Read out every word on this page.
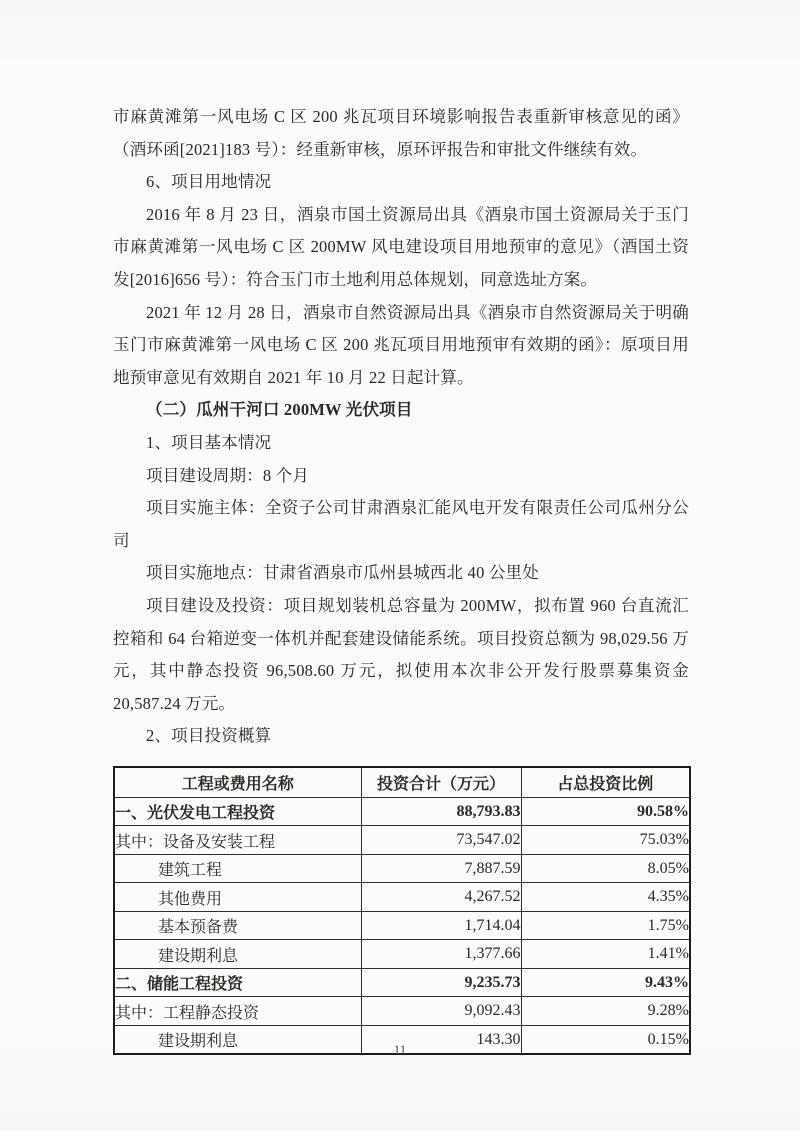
市麻黄滩第一风电场 C 区 200 兆瓦项目环境影响报告表重新审核意见的函》（酒环函[2021]183 号）：经重新审核，原环评报告和审批文件继续有效。

6、项目用地情况

2016 年 8 月 23 日，酒泉市国土资源局出具《酒泉市国土资源局关于玉门市麻黄滩第一风电场 C 区 200MW 风电建设项目用地预审的意见》（酒国土资发[2016]656 号）：符合玉门市土地利用总体规划，同意选址方案。

2021 年 12 月 28 日，酒泉市自然资源局出具《酒泉市自然资源局关于明确玉门市麻黄滩第一风电场 C 区 200 兆瓦项目用地预审有效期的函》：原项目用地预审意见有效期自 2021 年 10 月 22 日起计算。

（二）瓜州干河口 200MW 光伏项目

1、项目基本情况

项目建设周期：8 个月

项目实施主体：全资子公司甘肃酒泉汇能风电开发有限责任公司瓜州分公司

项目实施地点：甘肃省酒泉市瓜州县城西北 40 公里处

项目建设及投资：项目规划装机总容量为 200MW，拟布置 960 台直流汇控箱和 64 台箱逆变一体机并配套建设储能系统。项目投资总额为 98,029.56 万元，其中静态投资 96,508.60 万元，拟使用本次非公开发行股票募集资金 20,587.24 万元。

2、项目投资概算

工程或费用名称	投资合计（万元）	占总投资比例
一、光伏发电工程投资	88,793.83	90.58%
其中：设备及安装工程	73,547.02	75.03%
建筑工程	7,887.59	8.05%
其他费用	4,267.52	4.35%
基本预备费	1,714.04	1.75%
建设期利息	1,377.66	1.41%
二、储能工程投资	9,235.73	9.43%
其中：工程静态投资	9,092.43	9.28%
建设期利息	143.30	0.15%
11
